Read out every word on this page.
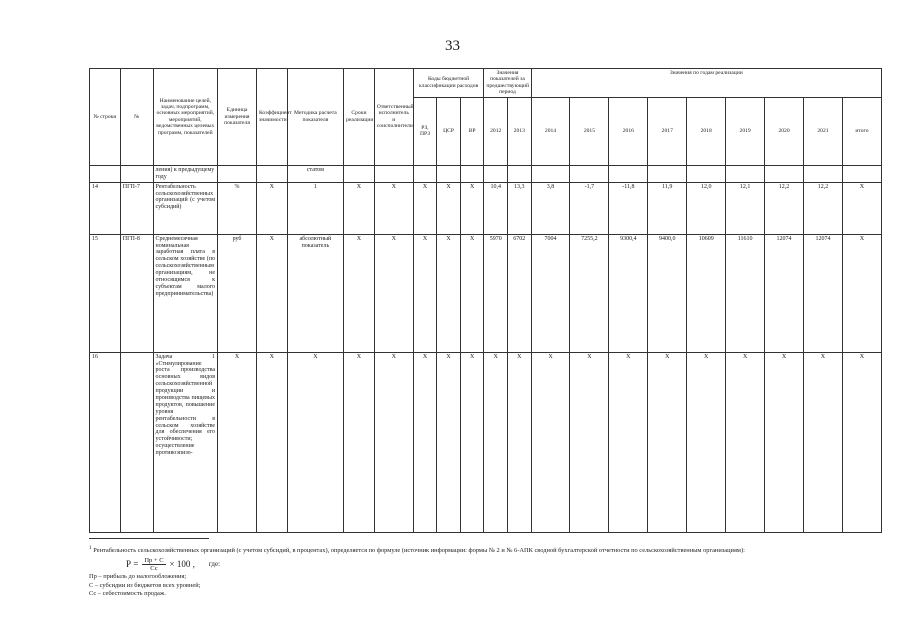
33
№ строки	№	Наименование целей, задач, подпрограмм, основных мероприятий, мероприятий, ведомственных целевых программ, показателей	Единица измерения показателя	Коэффициент значимости	Методика расчета показателя	Сроки реализации	Ответственный исполнитель и соисполнители	Коды бюджетной классификации расходов			Значения показателей за предшествующий период		Значения по годам реализации								
								РЗ, ПРЗ	ЦСР	ВР	2012	2013	2014	2015	2016	2017	2018	2019	2020	2021	итого
		ления) к предыдущему году			статом																
14	ПГП-7	Рентабельность сельскохозяйственных организаций (с учетом субсидий)	%	Х	1	Х	Х	Х	Х	Х	10,4	13,3	3,8	-1,7	-11,8	11,9	12,0	12,1	12,2	12,2	Х
15	ПГП-8	Среднемесячная номинальная заработная плата в сельском хозяйстве (по сельскохозяйственным организациям, не относящимся к субъектам малого предпринимательства)	руб	Х	абсолютный показатель	Х	Х	Х	Х	Х	5970	6702	7004	7255,2	9300,4	9400,0	10609	11610	12074	12074	Х
16		Задача 1 «Стимулирование роста производства основных видов сельскохозяйственной продукции и производства пищевых продуктов, повышение уровня рентабельности в сельском хозяйстве для обеспечения его устойчивости; осуществление противоэпизо-	Х	Х	Х	Х	Х	Х	Х	Х	Х	Х	Х	Х	Х	Х	Х	Х	Х	Х	Х
$^1$ Рентабельность сельскохозяйственных организаций (с учетом субсидий, в процентах), определяется по формуле (источник информации: формы № 2 и № 6-АПК сводной бухгалтерской отчетности по сельскохозяйственным организациям):
$Р = \frac{Пр + С}{Сс} \times 100$ , где:
Пр – прибыль до налогообложения;
С – субсидии из бюджетов всех уровней;
Сс – себестоимость продаж.
